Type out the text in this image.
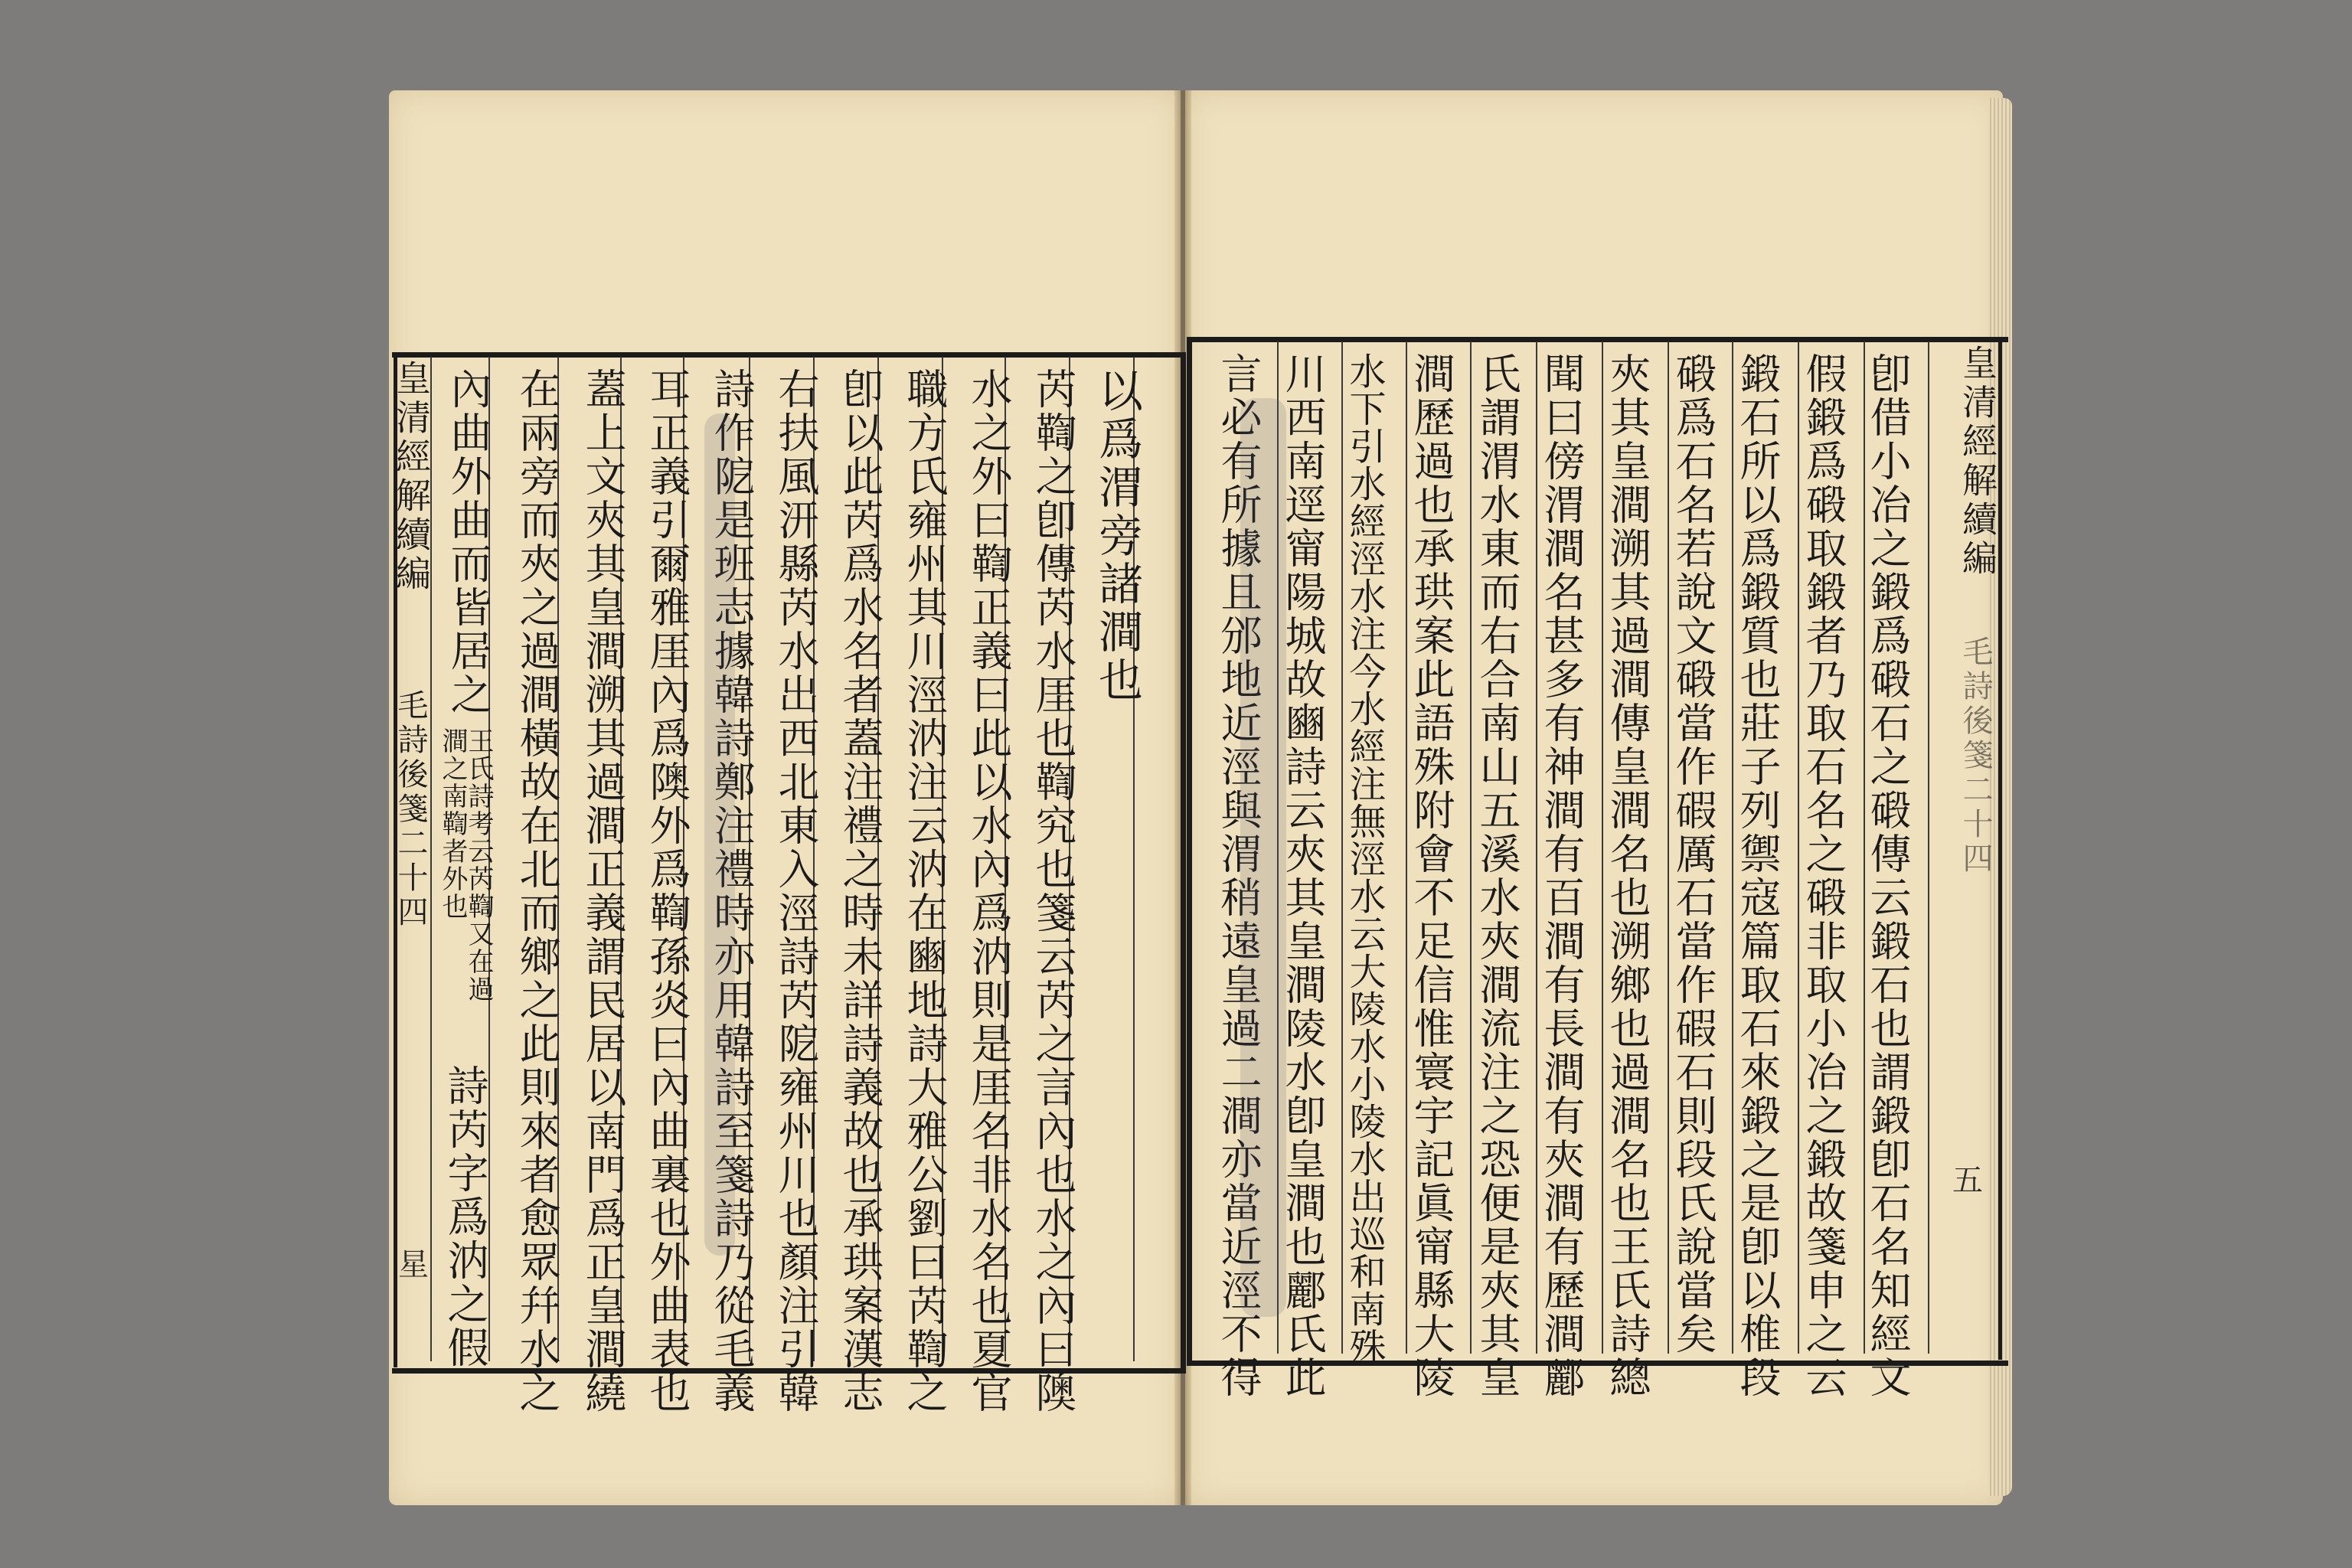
皇清經解續編
毛詩後箋二十四
星
以爲渭旁諸澗也
芮鞫之卽傳芮水厓也鞫究也箋云芮之言內也水之內曰隩
水之外曰鞫正義曰此以水內爲汭則是厓名非水名也夏官
職方氏雍州其川涇汭注云汭在豳地詩大雅公劉曰芮鞫之
卽以此芮爲水名者蓋注禮之時未詳詩義故也承珙案漢志
右扶風汧縣芮水出西北東入涇詩芮阸雍州川也顏注引韓
詩作阸是班志據韓詩鄭注禮時亦用韓詩至箋詩乃從毛義
耳正義引爾雅厓內爲隩外爲鞫孫炎曰內曲裏也外曲表也
蓋上文夾其皇澗溯其過澗正義謂民居以南門爲正皇澗繞
在兩旁而夾之過澗橫故在北而鄉之此則來者愈眾幷水之
內曲外曲而皆居之
王氏詩考云芮鞫又在過澗之南鞫者外也
詩芮字爲汭之假
皇清經解續編
毛詩後箋二十四
五
卽借小冶之鍛爲碫石之碫傳云鍛石也謂鍛卽石名知經文
假鍛爲碫取鍛者乃取石名之碫非取小冶之鍛故箋申之云
鍛石所以爲鍛質也莊子列禦寇篇取石來鍛之是卽以椎段
碫爲石名若說文碫當作碬厲石當作碬石則段氏說當矣
夾其皇澗溯其過澗傳皇澗名也溯鄉也過澗名也王氏詩總
聞曰傍渭澗名甚多有神澗有百澗有長澗有夾澗有歷澗酈
氏謂渭水東而右合南山五溪水夾澗流注之恐便是夾其皇
澗歷過也承珙案此語殊附會不足信惟寰宇記眞甯縣大陵
水下引水經涇水注今水經注無涇水云大陵水小陵水出巡和南殊
川西南逕甯陽城故豳詩云夾其皇澗陵水卽皇澗也酈氏此
言必有所據且邠地近涇與渭稍遠皇過二澗亦當近涇不得
